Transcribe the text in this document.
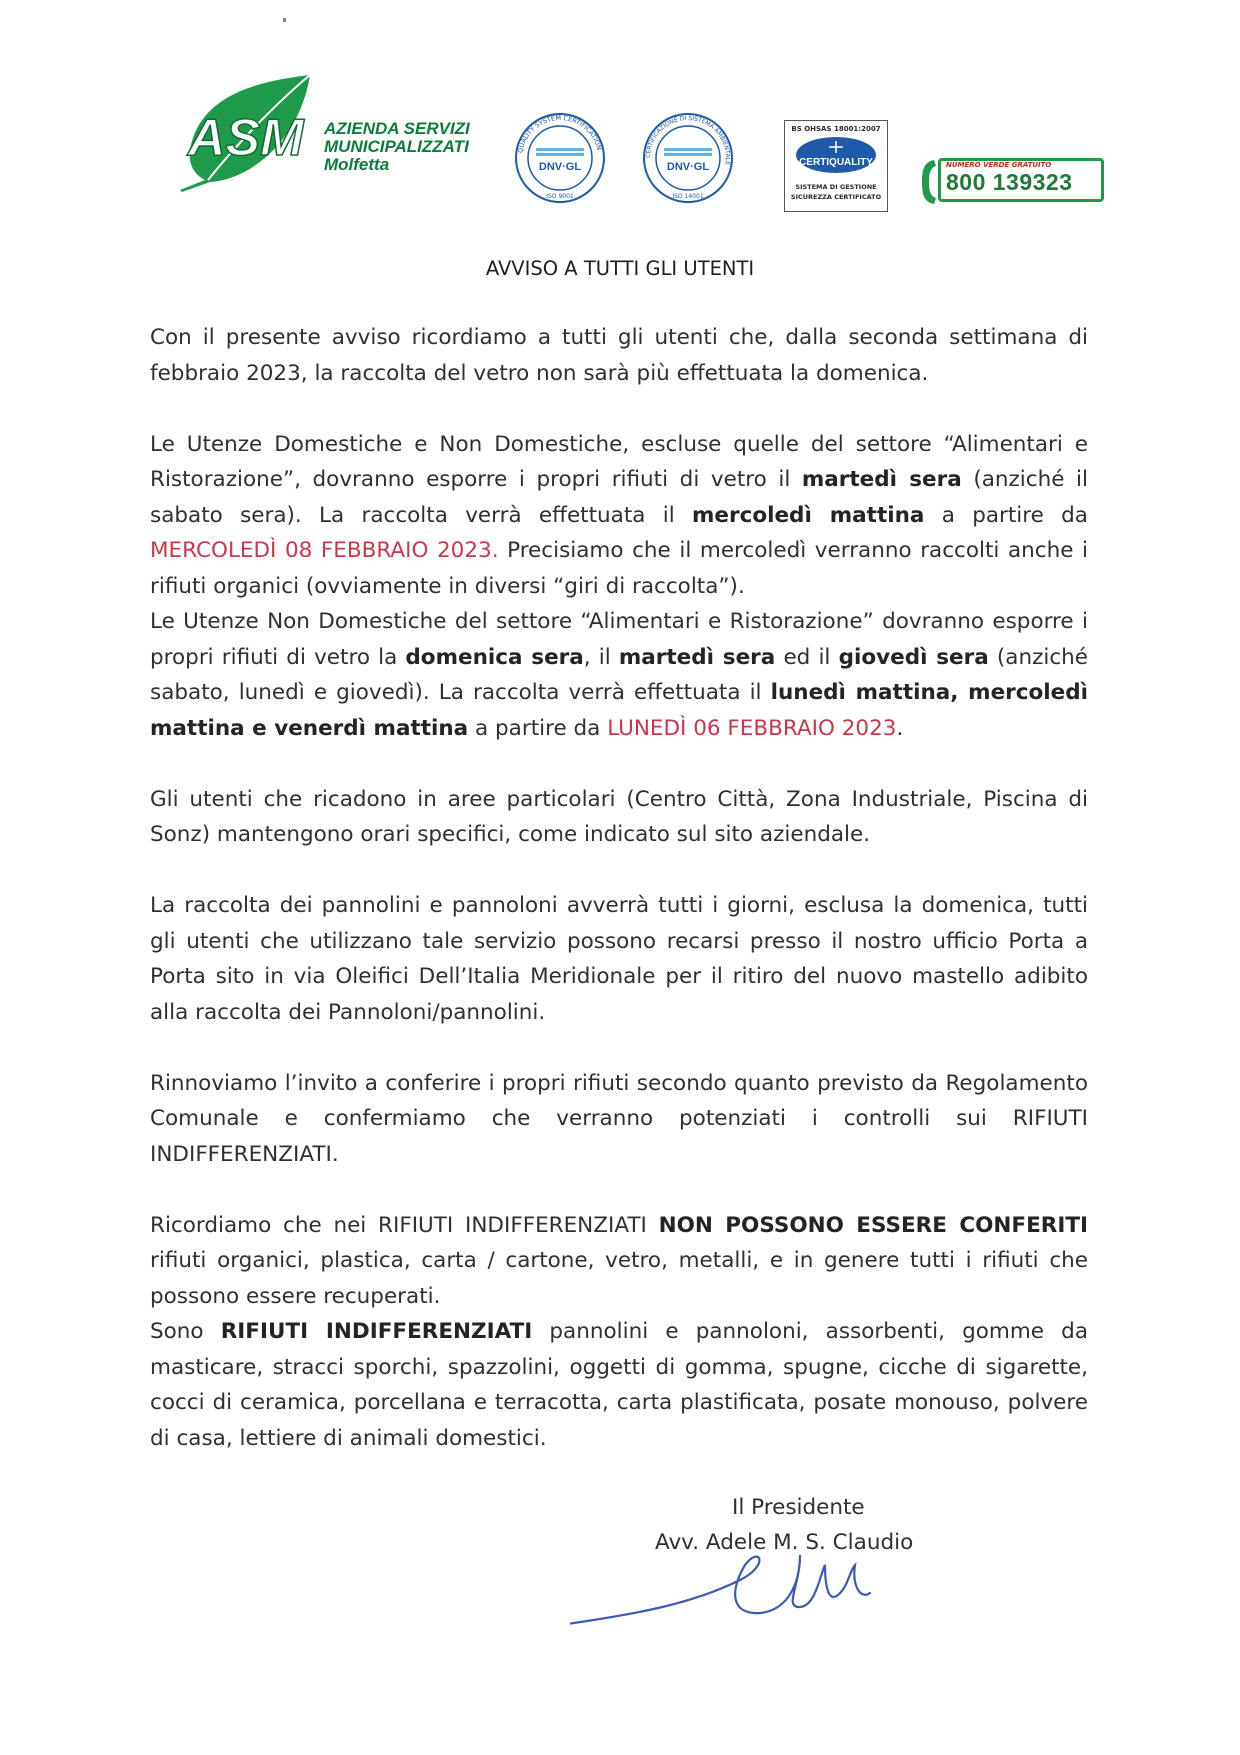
ASM AZIENDA SERVIZI
MUNICIPALIZZATI
Molfetta
QUALITY SYSTEM CERTIFICATION
DNV·GL
ISO 9001
CERTIFICAZIONE DI SISTEMA AMBIENTALE
DNV·GL
ISO 14001
BS OHSAS 18001:2007
CERTIQUALITY
SISTEMA DI GESTIONE
SICUREZZA CERTIFICATO
NUMERO VERDE GRATUITO
800 139323
AVVISO A TUTTI GLI UTENTI

Con il presente avviso ricordiamo a tutti gli utenti che, dalla seconda settimana di febbraio 2023, la raccolta del vetro non sarà più effettuata la domenica.

Le Utenze Domestiche e Non Domestiche, escluse quelle del settore “Alimentari e Ristorazione”, dovranno esporre i propri rifiuti di vetro il martedì sera (anziché il sabato sera). La raccolta verrà effettuata il mercoledì mattina a partire da MERCOLEDÌ 08 FEBBRAIO 2023. Precisiamo che il mercoledì verranno raccolti anche i rifiuti organici (ovviamente in diversi “giri di raccolta”).

Le Utenze Non Domestiche del settore “Alimentari e Ristorazione” dovranno esporre i propri rifiuti di vetro la domenica sera, il martedì sera ed il giovedì sera (anziché sabato, lunedì e giovedì). La raccolta verrà effettuata il lunedì mattina, mercoledì mattina e venerdì mattina a partire da LUNEDÌ 06 FEBBRAIO 2023.

Gli utenti che ricadono in aree particolari (Centro Città, Zona Industriale, Piscina di Sonz) mantengono orari specifici, come indicato sul sito aziendale.

La raccolta dei pannolini e pannoloni avverrà tutti i giorni, esclusa la domenica, tutti gli utenti che utilizzano tale servizio possono recarsi presso il nostro ufficio Porta a Porta sito in via Oleifici Dell’Italia Meridionale per il ritiro del nuovo mastello adibito alla raccolta dei Pannoloni/pannolini.

Rinnoviamo l’invito a conferire i propri rifiuti secondo quanto previsto da Regolamento Comunale e confermiamo che verranno potenziati i controlli sui RIFIUTI INDIFFERENZIATI.

Ricordiamo che nei RIFIUTI INDIFFERENZIATI NON POSSONO ESSERE CONFERITI rifiuti organici, plastica, carta / cartone, vetro, metalli, e in genere tutti i rifiuti che possono essere recuperati.

Sono RIFIUTI INDIFFERENZIATI pannolini e pannoloni, assorbenti, gomme da masticare, stracci sporchi, spazzolini, oggetti di gomma, spugne, cicche di sigarette, cocci di ceramica, porcellana e terracotta, carta plastificata, posate monouso, polvere di casa, lettiere di animali domestici.

Il Presidente
Avv. Adele M. S. Claudio
